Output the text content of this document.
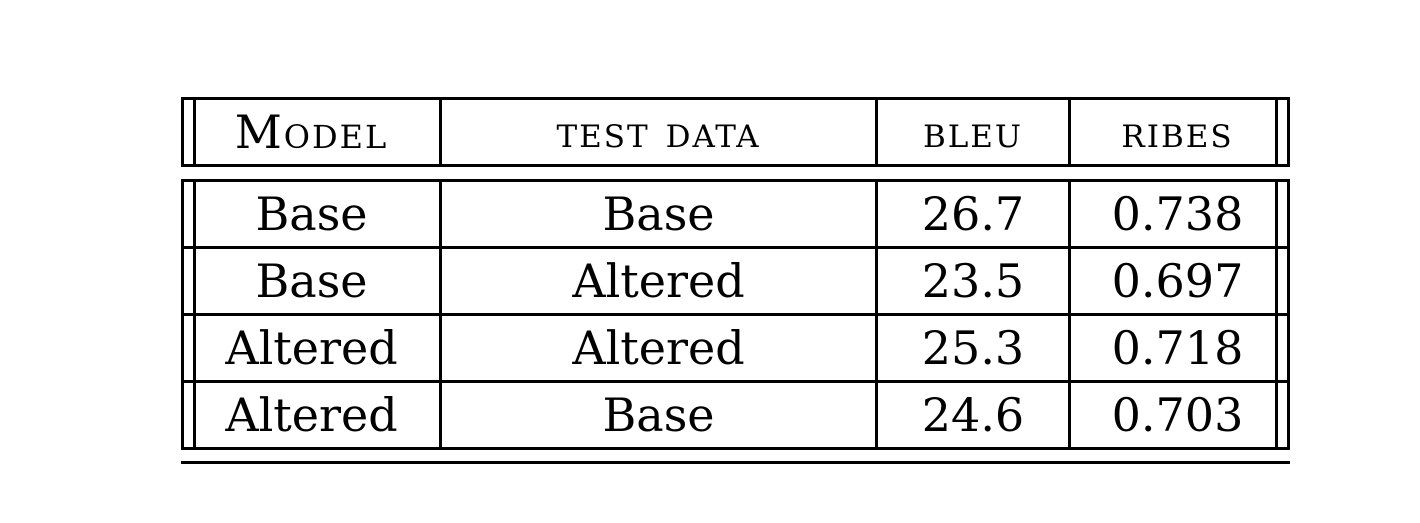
Model	test data	bleu	ribes
Base	Base	26.7	0.738
Base	Altered	23.5	0.697
Altered	Altered	25.3	0.718
Altered	Base	24.6	0.703
